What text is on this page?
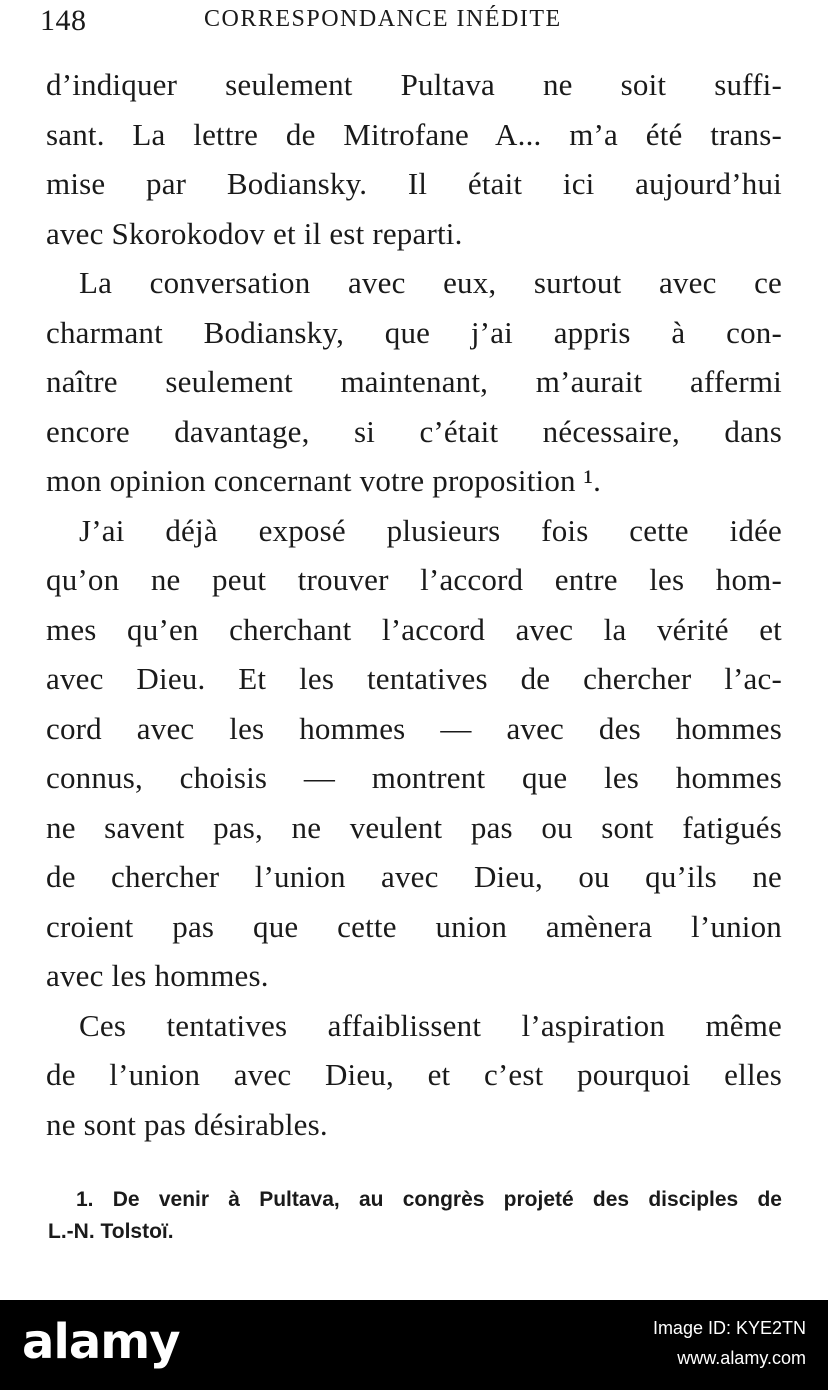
148	CORRESPONDANCE INÉDITE
d’indiquer seulement Pultava ne soit suffi-
sant. La lettre de Mitrofane A... m’a été trans-
mise par Bodiansky. Il était ici aujourd’hui
avec Skorokodov et il est reparti.
La conversation avec eux, surtout avec ce
charmant Bodiansky, que j’ai appris à con-
naître seulement maintenant, m’aurait affermi
encore davantage, si c’était nécessaire, dans
mon opinion concernant votre proposition ¹.
J’ai déjà exposé plusieurs fois cette idée
qu’on ne peut trouver l’accord entre les hom-
mes qu’en cherchant l’accord avec la vérité et
avec Dieu. Et les tentatives de chercher l’ac-
cord avec les hommes — avec des hommes
connus, choisis — montrent que les hommes
ne savent pas, ne veulent pas ou sont fatigués
de chercher l’union avec Dieu, ou qu’ils ne
croient pas que cette union amènera l’union
avec les hommes.
Ces tentatives affaiblissent l’aspiration même
de l’union avec Dieu, et c’est pourquoi elles
ne sont pas désirables.
1. De venir à Pultava, au congrès projeté des disciples de
L.-N. Tolstoï.
alamy	Image ID: KYE2TN
www.alamy.com
